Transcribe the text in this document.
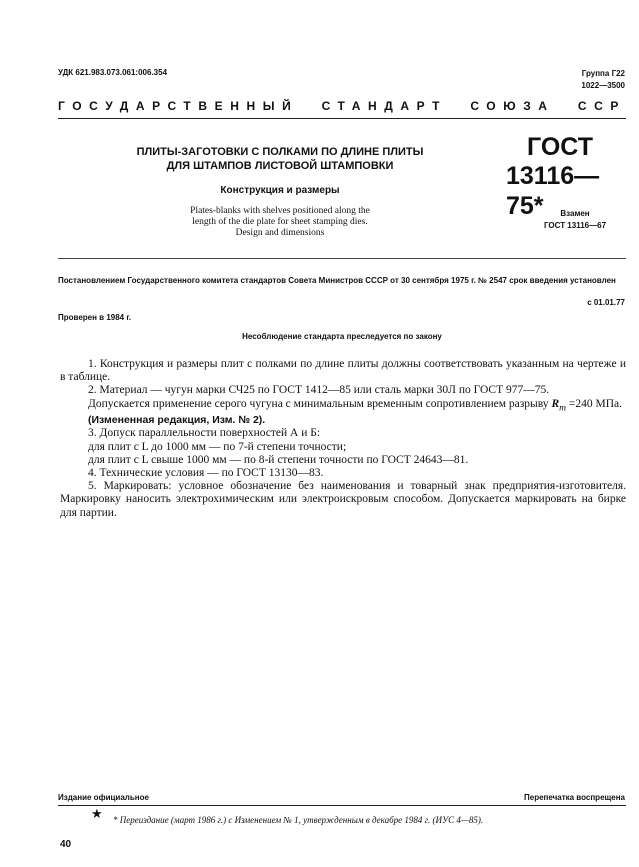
УДК 621.983.073.061:006.354	Группа Г22
1022—3500
ГОСУДАРСТВЕННЫЙ СТАНДАРТ СОЮЗА ССР
ПЛИТЫ-ЗАГОТОВКИ С ПОЛКАМИ ПО ДЛИНЕ ПЛИТЫ
ДЛЯ ШТАМПОВ ЛИСТОВОЙ ШТАМПОВКИ
Конструкция и размеры
Plates-blanks with shelves positioned along the
length of the die plate for sheet stamping dies.
Design and dimensions
ГОСТ
13116—75*	Взамен
ГОСТ 13116—67
Постановлением Государственного комитета стандартов Совета Министров СССР от 30 сентября 1975 г. № 2547 срок введения установлен
с 01.01.77
Проверен в 1984 г.
Несоблюдение стандарта преследуется по закону

1. Конструкция и размеры плит с полками по длине плиты должны соответствовать указанным на чертеже и в таблице.

2. Материал — чугун марки СЧ25 по ГОСТ 1412—85 или сталь марки 30Л по ГОСТ 977—75.

Допускается применение серого чугуна с минимальным временным сопротивлением разрыву $R_m =240$ МПа.

(Измененная редакция, Изм. № 2).

3. Допуск параллельности поверхностей А и Б:

для плит с L до 1000 мм — по 7-й степени точности;

для плит с L свыше 1000 мм — по 8-й степени точности по ГОСТ 24643—81.

4. Технические условия — по ГОСТ 13130—83.

5. Маркировать: условное обозначение без наименования и товарный знак предприятия-изготовителя. Маркировку наносить электрохимическим или электроискровым способом. Допускается маркировать на бирке для партии.

Издание официальное	Перепечатка воспрещена
★ * Переиздание (март 1986 г.) с Изменением № 1, утвержденным в декабре 1984 г. (ИУС 4—85).
40
